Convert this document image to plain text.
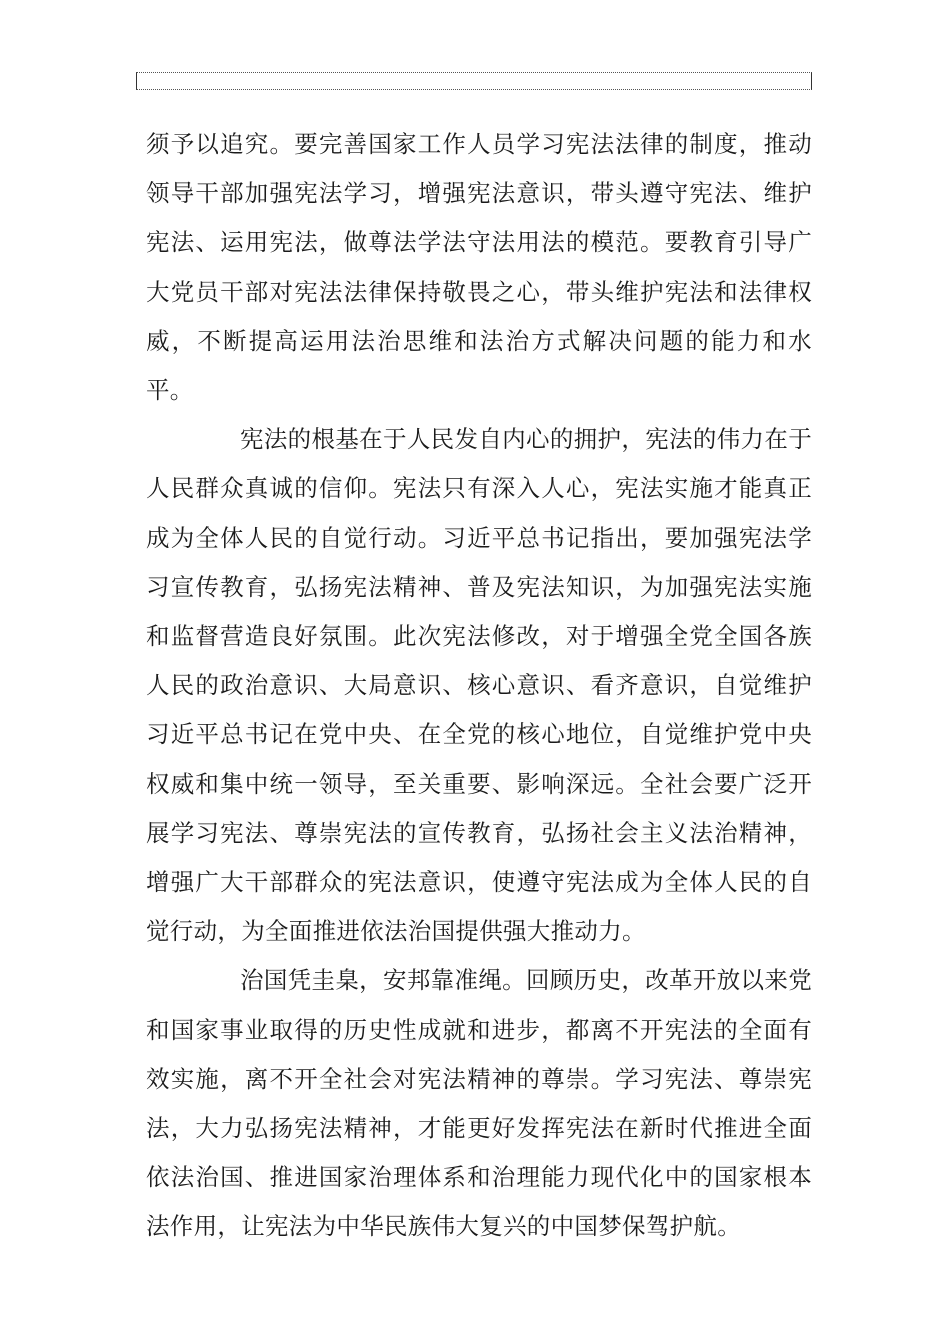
须予以追究。要完善国家工作人员学习宪法法律的制度，推动领导干部加强宪法学习，增强宪法意识，带头遵守宪法、维护宪法、运用宪法，做尊法学法守法用法的模范。要教育引导广大党员干部对宪法法律保持敬畏之心，带头维护宪法和法律权威，不断提高运用法治思维和法治方式解决问题的能力和水平。

宪法的根基在于人民发自内心的拥护，宪法的伟力在于人民群众真诚的信仰。宪法只有深入人心，宪法实施才能真正成为全体人民的自觉行动。习近平总书记指出，要加强宪法学习宣传教育，弘扬宪法精神、普及宪法知识，为加强宪法实施和监督营造良好氛围。此次宪法修改，对于增强全党全国各族人民的政治意识、大局意识、核心意识、看齐意识，自觉维护习近平总书记在党中央、在全党的核心地位，自觉维护党中央权威和集中统一领导，至关重要、影响深远。全社会要广泛开展学习宪法、尊崇宪法的宣传教育，弘扬社会主义法治精神，增强广大干部群众的宪法意识，使遵守宪法成为全体人民的自觉行动，为全面推进依法治国提供强大推动力。

治国凭圭臬，安邦靠准绳。回顾历史，改革开放以来党和国家事业取得的历史性成就和进步，都离不开宪法的全面有效实施，离不开全社会对宪法精神的尊崇。学习宪法、尊崇宪法，大力弘扬宪法精神，才能更好发挥宪法在新时代推进全面依法治国、推进国家治理体系和治理能力现代化中的国家根本法作用，让宪法为中华民族伟大复兴的中国梦保驾护航。
